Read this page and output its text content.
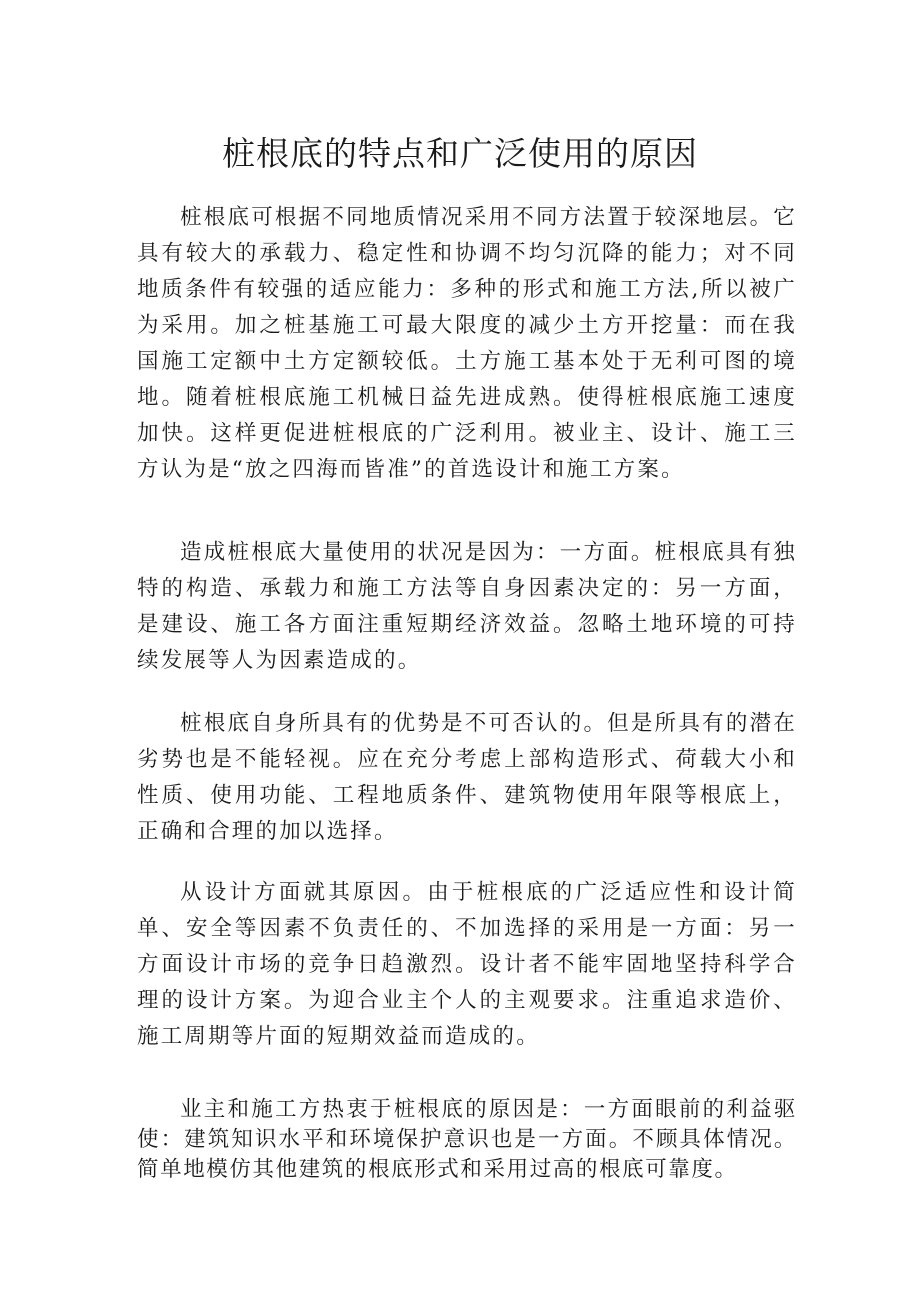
桩根底的特点和广泛使用的原因

桩根底可根据不同地质情况采用不同方法置于较深地层。它具有较大的承载力、稳定性和协调不均匀沉降的能力；对不同地质条件有较强的适应能力：多种的形式和施工方法,所以被广为采用。加之桩基施工可最大限度的减少土方开挖量：而在我国施工定额中土方定额较低。土方施工基本处于无利可图的境地。随着桩根底施工机械日益先进成熟。使得桩根底施工速度加快。这样更促进桩根底的广泛利用。被业主、设计、施工三方认为是“放之四海而皆准”的首选设计和施工方案。

造成桩根底大量使用的状况是因为：一方面。桩根底具有独特的构造、承载力和施工方法等自身因素决定的：另一方面，是建设、施工各方面注重短期经济效益。忽略土地环境的可持续发展等人为因素造成的。

桩根底自身所具有的优势是不可否认的。但是所具有的潜在劣势也是不能轻视。应在充分考虑上部构造形式、荷载大小和性质、使用功能、工程地质条件、建筑物使用年限等根底上，正确和合理的加以选择。

从设计方面就其原因。由于桩根底的广泛适应性和设计简单、安全等因素不负责任的、不加选择的采用是一方面：另一方面设计市场的竞争日趋激烈。设计者不能牢固地坚持科学合理的设计方案。为迎合业主个人的主观要求。注重追求造价、施工周期等片面的短期效益而造成的。

业主和施工方热衷于桩根底的原因是：一方面眼前的利益驱使：建筑知识水平和环境保护意识也是一方面。不顾具体情况。简单地模仿其他建筑的根底形式和采用过高的根底可靠度。
